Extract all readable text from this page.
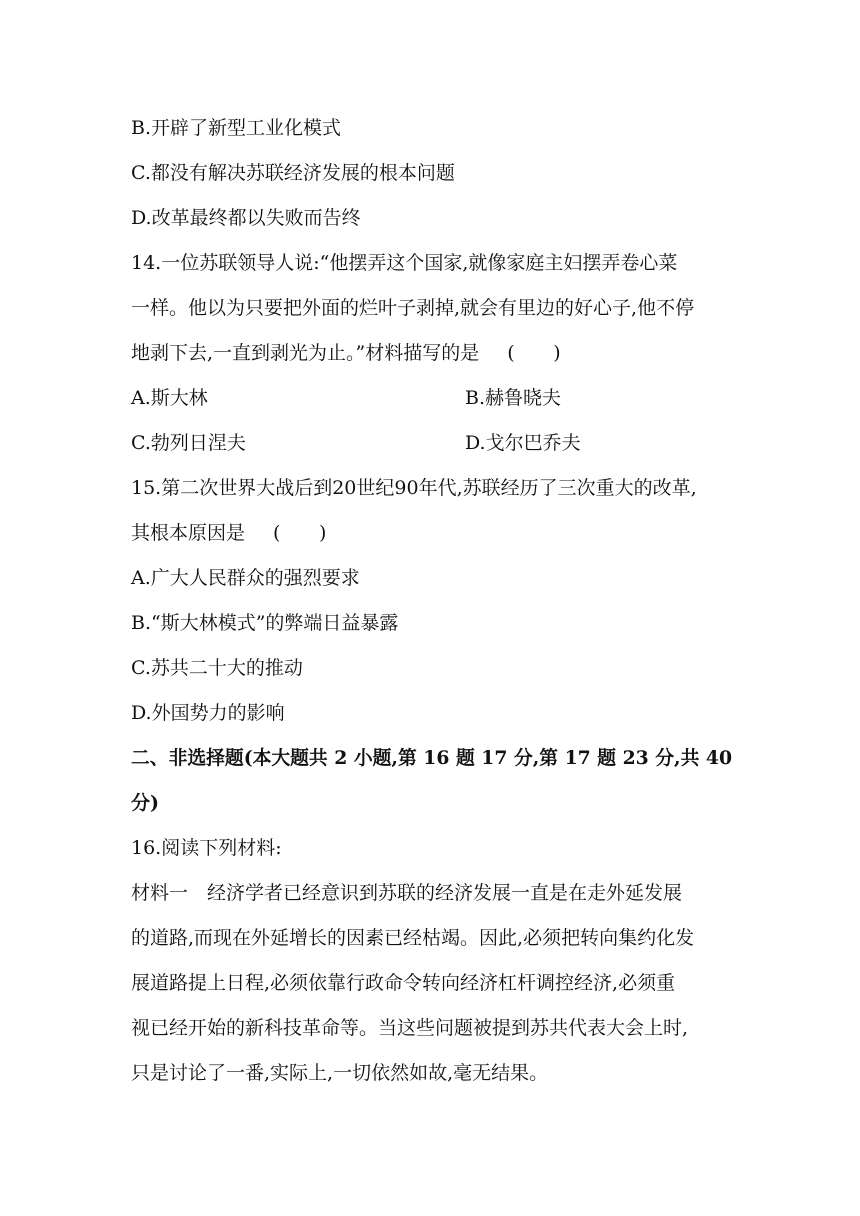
B.开辟了新型工业化模式
C.都没有解决苏联经济发展的根本问题
D.改革最终都以失败而告终
14.一位苏联领导人说:“他摆弄这个国家,就像家庭主妇摆弄卷心菜
一样。他以为只要把外面的烂叶子剥掉,就会有里边的好心子,他不停
地剥下去,一直到剥光为止。”材料描写的是 ( )
A.斯大林	B.赫鲁晓夫
C.勃列日涅夫	D.戈尔巴乔夫
15.第二次世界大战后到20世纪90年代,苏联经历了三次重大的改革,
其根本原因是 ( )
A.广大人民群众的强烈要求
B.“斯大林模式”的弊端日益暴露
C.苏共二十大的推动
D.外国势力的影响
二、非选择题(本大题共 2 小题,第 16 题 17 分,第 17 题 23 分,共 40
分)
16.阅读下列材料:
材料一　经济学者已经意识到苏联的经济发展一直是在走外延发展
的道路,而现在外延增长的因素已经枯竭。因此,必须把转向集约化发
展道路提上日程,必须依靠行政命令转向经济杠杆调控经济,必须重
视已经开始的新科技革命等。当这些问题被提到苏共代表大会上时,
只是讨论了一番,实际上,一切依然如故,毫无结果。
